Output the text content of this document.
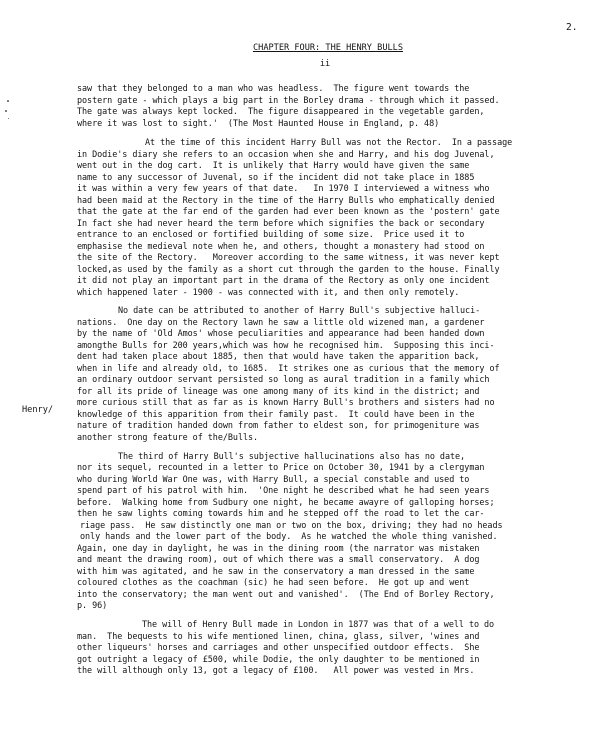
2.
CHAPTER FOUR: THE HENRY BULLS
ii
Henry/
saw that they belonged to a man who was headless.  The figure went towards the
postern gate - which plays a big part in the Borley drama - through which it passed.
The gate was always kept locked.  The figure disappeared in the vegetable garden,
where it was lost to sight.'  (The Most Haunted House in England, p. 48)
At the time of this incident Harry Bull was not the Rector.  In a passage
in Dodie's diary she refers to an occasion when she and Harry, and his dog Juvenal,
went out in the dog cart.  It is unlikely that Harry would have given the same
name to any successor of Juvenal, so if the incident did not take place in 1885
it was within a very few years of that date.   In 1970 I interviewed a witness who
had been maid at the Rectory in the time of the Harry Bulls who emphatically denied
that the gate at the far end of the garden had ever been known as the 'postern' gate
In fact she had never heard the term before which signifies the back or secondary
entrance to an enclosed or fortified building of some size.  Price used it to
emphasise the medieval note when he, and others, thought a monastery had stood on
the site of the Rectory.   Moreover according to the same witness, it was never kept
locked,as used by the family as a short cut through the garden to the house. Finally
it did not play an important part in the drama of the Rectory as only one incident
which happened later - 1900 - was connected with it, and then only remotely.
No date can be attributed to another of Harry Bull's subjective halluci-
nations.  One day on the Rectory lawn he saw a little old wizened man, a gardener
by the name of 'Old Amos' whose peculiarities and appearance had been handed down
amongthe Bulls for 200 years,which was how he recognised him.  Supposing this inci-
dent had taken place about 1885, then that would have taken the apparition back,
when in life and already old, to 1685.  It strikes one as curious that the memory of
an ordinary outdoor servant persisted so long as aural tradition in a family which
for all its pride of lineage was one among many of its kind in the district; and
more curious still that as far as is known Harry Bull's brothers and sisters had no
knowledge of this apparition from their family past.  It could have been in the
nature of tradition handed down from father to eldest son, for primogeniture was
another strong feature of the/Bulls.
The third of Harry Bull's subjective hallucinations also has no date,
nor its sequel, recounted in a letter to Price on October 30, 1941 by a clergyman
who during World War One was, with Harry Bull, a special constable and used to
spend part of his patrol with him.  'One night he described what he had seen years
before.  Walking home from Sudbury one night, he became awayre of galloping horses;
then he saw lights coming towards him and he stepped off the road to let the car-
riage pass.  He saw distinctly one man or two on the box, driving; they had no heads
only hands and the lower part of the body.  As he watched the whole thing vanished.
Again, one day in daylight, he was in the dining room (the narrator was mistaken
and meant the drawing room), out of which there was a small conservatory.  A dog
with him was agitated, and he saw in the conservatory a man dressed in the same
coloured clothes as the coachman (sic) he had seen before.  He got up and went
into the conservatory; the man went out and vanished'.  (The End of Borley Rectory,
p. 96)
The will of Henry Bull made in London in 1877 was that of a well to do
man.  The bequests to his wife mentioned linen, china, glass, silver, 'wines and
other liqueurs' horses and carriages and other unspecified outdoor effects.  She
got outright a legacy of £500, while Dodie, the only daughter to be mentioned in
the will although only 13, got a legacy of £100.   All power was vested in Mrs.
